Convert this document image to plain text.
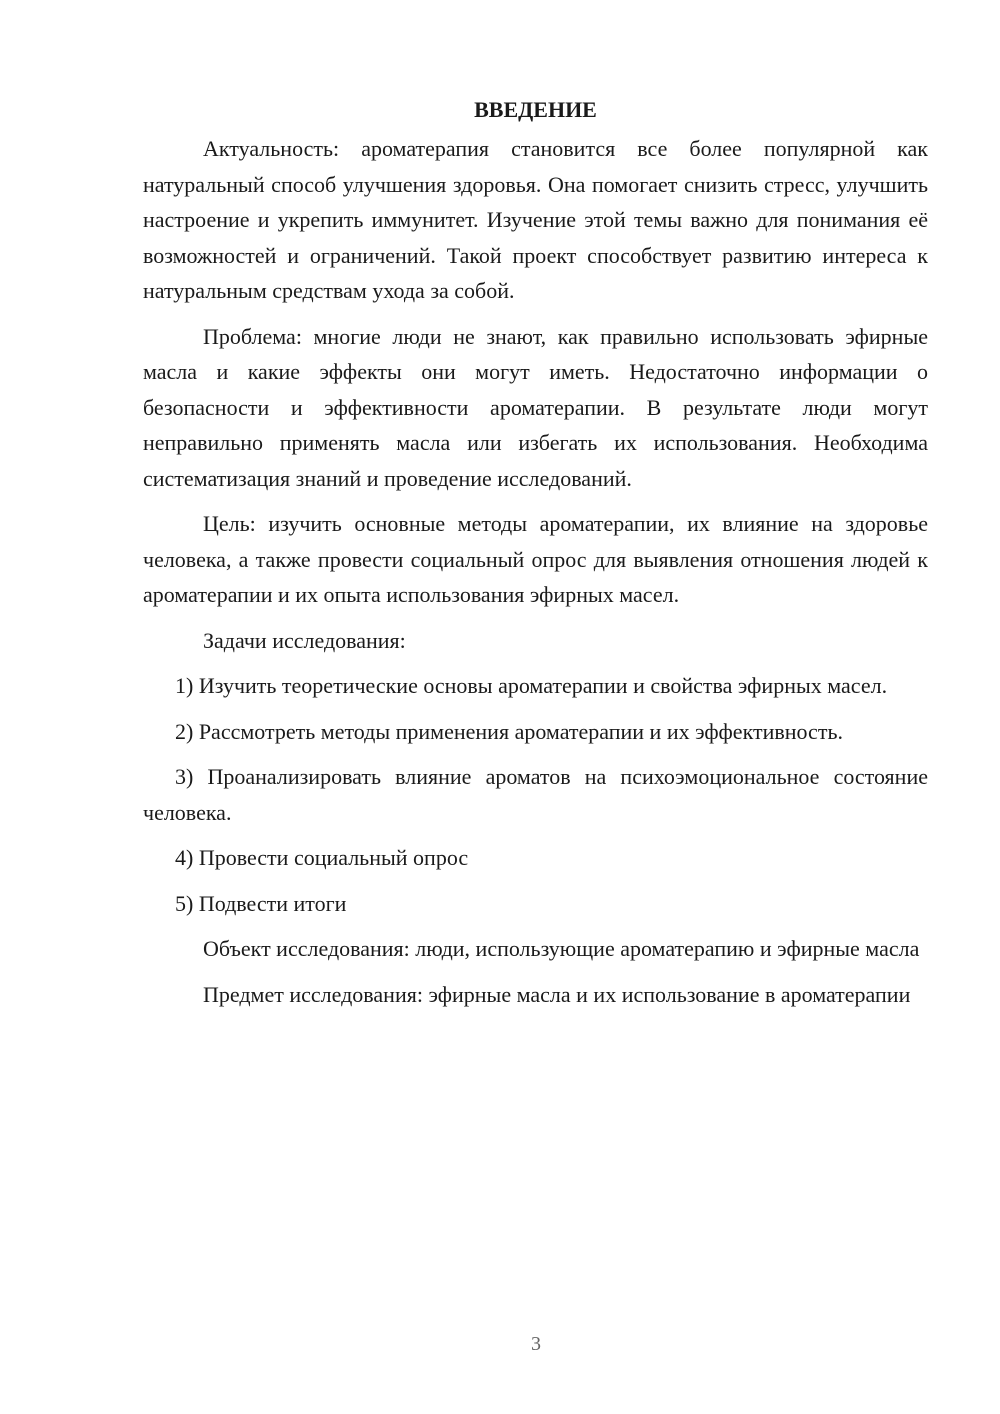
ВВЕДЕНИЕ

Актуальность: ароматерапия становится все более популярной как натуральный способ улучшения здоровья. Она помогает снизить стресс, улучшить настроение и укрепить иммунитет. Изучение этой темы важно для понимания её возможностей и ограничений. Такой проект способствует развитию интереса к натуральным средствам ухода за собой.

Проблема: многие люди не знают, как правильно использовать эфирные масла и какие эффекты они могут иметь. Недостаточно информации о безопасности и эффективности ароматерапии. В результате люди могут неправильно применять масла или избегать их использования. Необходима систематизация знаний и проведение исследований.

Цель: изучить основные методы ароматерапии, их влияние на здоровье человека, а также провести социальный опрос для выявления отношения людей к ароматерапии и их опыта использования эфирных масел.

Задачи исследования:

1) Изучить теоретические основы ароматерапии и свойства эфирных масел.

2) Рассмотреть методы применения ароматерапии и их эффективность.

3) Проанализировать влияние ароматов на психоэмоциональное состояние человека.

4) Провести социальный опрос

5) Подвести итоги

Объект исследования: люди, использующие ароматерапию и эфирные масла

Предмет исследования: эфирные масла и их использование в ароматерапии

3
